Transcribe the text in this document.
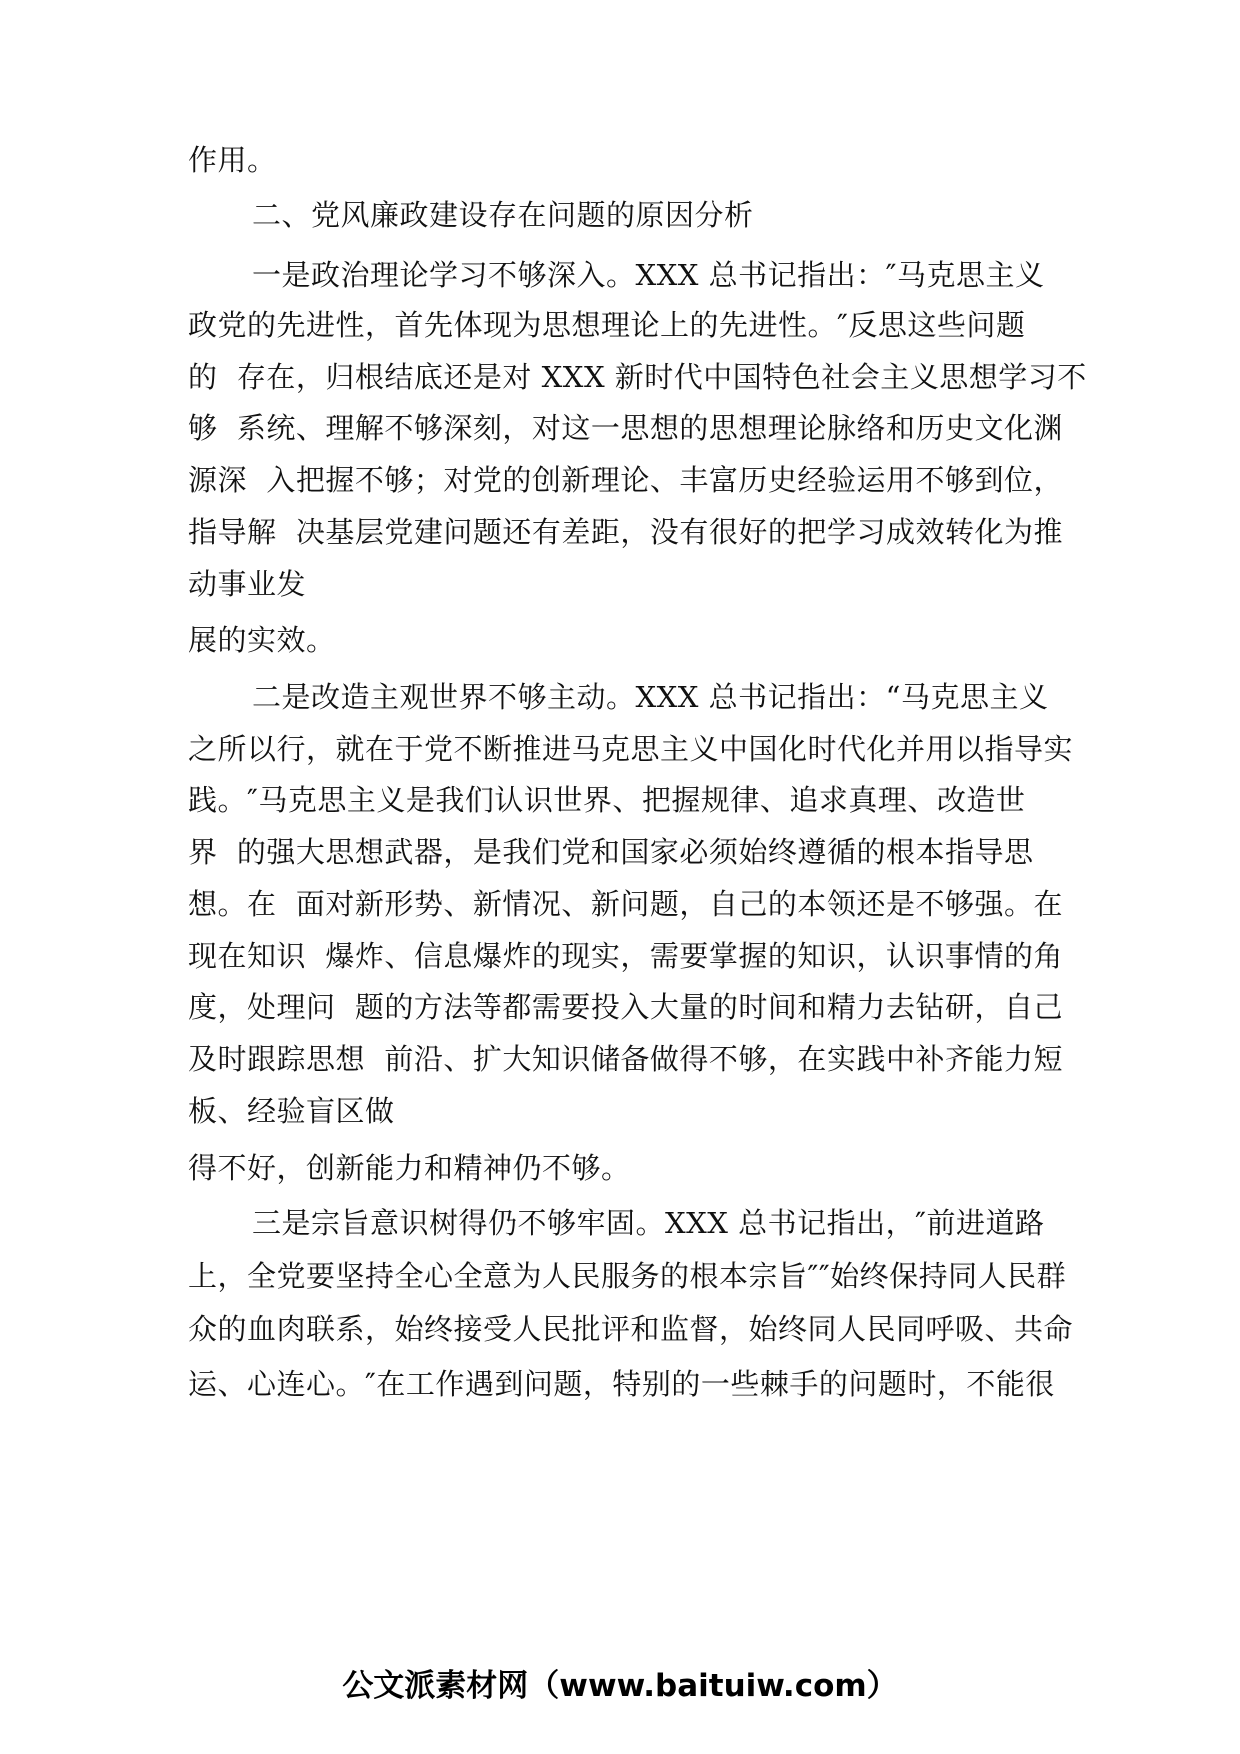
作用。
二、党风廉政建设存在问题的原因分析
一是政治理论学习不够深入。XXX 总书记指出：″马克思主义
政党的先进性，首先体现为思想理论上的先进性。″反思这些问题
的  存在，归根结底还是对 XXX 新时代中国特色社会主义思想学习不
够  系统、理解不够深刻，对这一思想的思想理论脉络和历史文化渊
源深  入把握不够；对党的创新理论、丰富历史经验运用不够到位，
指导解  决基层党建问题还有差距，没有很好的把学习成效转化为推
动事业发
展的实效。
二是改造主观世界不够主动。XXX 总书记指出：“马克思主义
之所以行，就在于党不断推进马克思主义中国化时代化并用以指导实
践。″马克思主义是我们认识世界、把握规律、追求真理、改造世
界  的强大思想武器，是我们党和国家必须始终遵循的根本指导思
想。在  面对新形势、新情况、新问题，自己的本领还是不够强。在
现在知识  爆炸、信息爆炸的现实，需要掌握的知识，认识事情的角
度，处理问  题的方法等都需要投入大量的时间和精力去钻研，自己
及时跟踪思想  前沿、扩大知识储备做得不够，在实践中补齐能力短
板、经验盲区做
得不好，创新能力和精神仍不够。
三是宗旨意识树得仍不够牢固。XXX 总书记指出，″前进道路
上，全党要坚持全心全意为人民服务的根本宗旨″″始终保持同人民群
众的血肉联系，始终接受人民批评和监督，始终同人民同呼吸、共命
运、心连心。″在工作遇到问题，特别的一些棘手的问题时，不能很
公文派素材网（www.baituiw.com）
